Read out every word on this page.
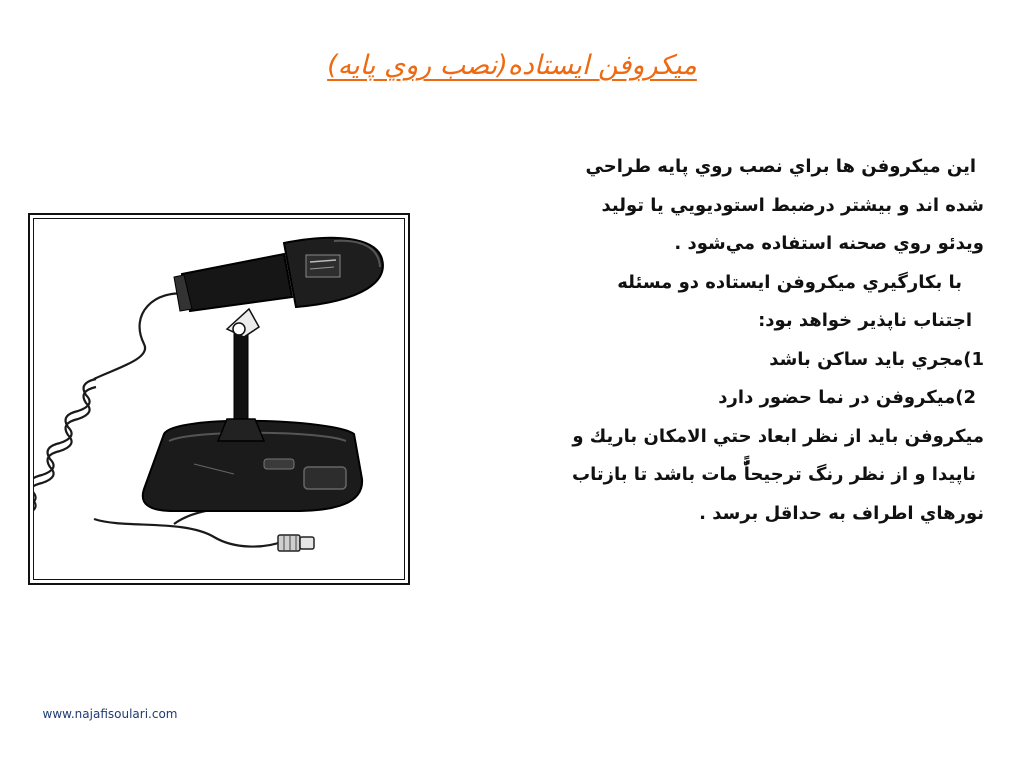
ميكروفن ايستاده(نصب روي پايه)
اين ميكروفن ها براي نصب روي پايه طراحي
شده اند و بيشتر درضبط استوديويي يا توليد
ويدئو روي صحنه استفاده مي‌شود .
با بكارگيري ميكروفن ايستاده دو مسئله
اجتناب ناپذير خواهد بود:
1)مجري بايد ساكن باشد
2)ميكروفن در نما حضور دارد
ميكروفن بايد از نظر ابعاد حتي الامكان باريك و
ناپيدا و از نظر رنگ ترجيحاًًٌّ مات باشد تا بازتاب
نورهاي اطراف به حداقل برسد .
www.najafisoulari.com
